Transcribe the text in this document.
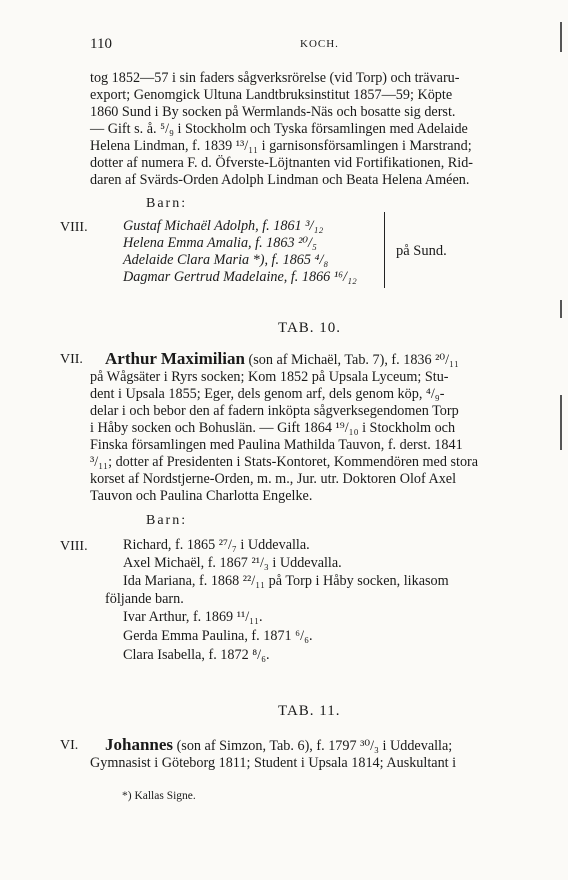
110	KOCH.
tog 1852—57 i sin faders sågverksrörelse (vid Torp) och trävaru-
export; Genomgick Ultuna Landtbruksinstitut 1857—59; Köpte
1860 Sund i By socken på Wermlands-Näs och bosatte sig derst.
— Gift s. å. ⁵/₉ i Stockholm och Tyska församlingen med Adelaide
Helena Lindman, f. 1839 ¹³/₁₁ i garnisonsförsamlingen i Marstrand;
dotter af numera F. d. Öfverste-Löjtnanten vid Fortifikationen, Rid-
daren af Svärds-Orden Adolph Lindman och Beata Helena Améen.
Barn:
VIII. Gustaf Michaël Adolph, f. 1861 ³/₁₂
Helena Emma Amalia, f. 1863 ²⁰/₅
Adelaide Clara Maria *), f. 1865 ⁴/₈
Dagmar Gertrud Madelaine, f. 1866 ¹⁶/₁₂
på Sund.
TAB. 10.
VII. Arthur Maximilian (son af Michaël, Tab. 7), f. 1836 ²⁰/₁₁
på Wågsäter i Ryrs socken; Kom 1852 på Upsala Lyceum; Stu-
dent i Upsala 1855; Eger, dels genom arf, dels genom köp, ⁴/₉-
delar i och bebor den af fadern inköpta sågverksegendomen Torp
i Håby socken och Bohuslän. — Gift 1864 ¹⁹/₁₀ i Stockholm och
Finska församlingen med Paulina Mathilda Tauvon, f. derst. 1841
³/₁₁; dotter af Presidenten i Stats-Kontoret, Kommendören med stora
korset af Nordstjerne-Orden, m. m., Jur. utr. Doktoren Olof Axel
Tauvon och Paulina Charlotta Engelke.
Barn:
VIII. Richard, f. 1865 ²⁷/₇ i Uddevalla.
Axel Michaël, f. 1867 ²¹/₃ i Uddevalla.
Ida Mariana, f. 1868 ²²/₁₁ på Torp i Håby socken, likasom
följande barn.
Ivar Arthur, f. 1869 ¹¹/₁₁.
Gerda Emma Paulina, f. 1871 ⁶/₆.
Clara Isabella, f. 1872 ⁸/₆.
TAB. 11.
VI. Johannes (son af Simzon, Tab. 6), f. 1797 ³⁰/₃ i Uddevalla;
Gymnasist i Göteborg 1811; Student i Upsala 1814; Auskultant i
*) Kallas Signe.
